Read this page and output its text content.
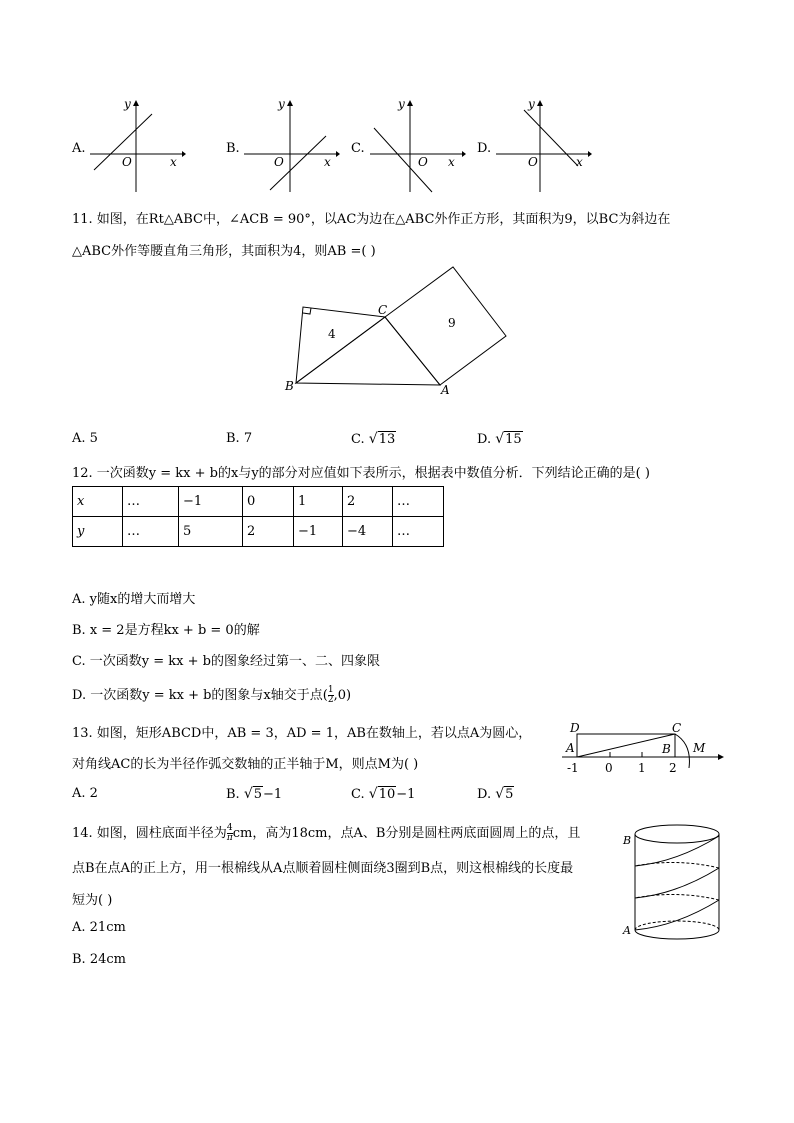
A.
y
O	x
B.
y
O	x
C.
y
O x
D.
y
O	x
11. 如图，在Rt△ABC中，∠ACB = 90°，以AC为边在△ABC外作正方形，其面积为9，以BC为斜边在
△ABC外作等腰直角三角形，其面积为4，则AB =( )
C
B	A
4
9
A. 5	B. 7	C. √13	D. √15
12. 一次函数y = kx + b的x与y的部分对应值如下表所示，根据表中数值分析．下列结论正确的是( )
x	…	−1	0	1	2	…
y	…	5	2	−1	−4	…
A. y随x的增大而增大
B. x = 2是方程kx + b = 0的解
C. 一次函数y = kx + b的图象经过第一、二、四象限
D. 一次函数y = kx + b的图象与x轴交于点( $\frac{1}{2} ,0$)
13. 如图，矩形ABCD中，AB = 3，AD = 1，AB在数轴上，若以点A为圆心，
对角线AC的长为半径作弧交数轴的正半轴于M，则点M为( )
D	C
A	B M
-1 0 1 2
A. 2	B. √5−1	C. √10−1	D. √5
14. 如图，圆柱底面半径为 $\frac{4}{\pi}$ cm，高为18cm，点A、B分别是圆柱两底面圆周上的点，且
点B在点A的正上方，用一根棉线从A点顺着圆柱侧面绕3圈到B点，则这根棉线的长度最
短为( )
A. 21cm
B. 24cm
B
A
